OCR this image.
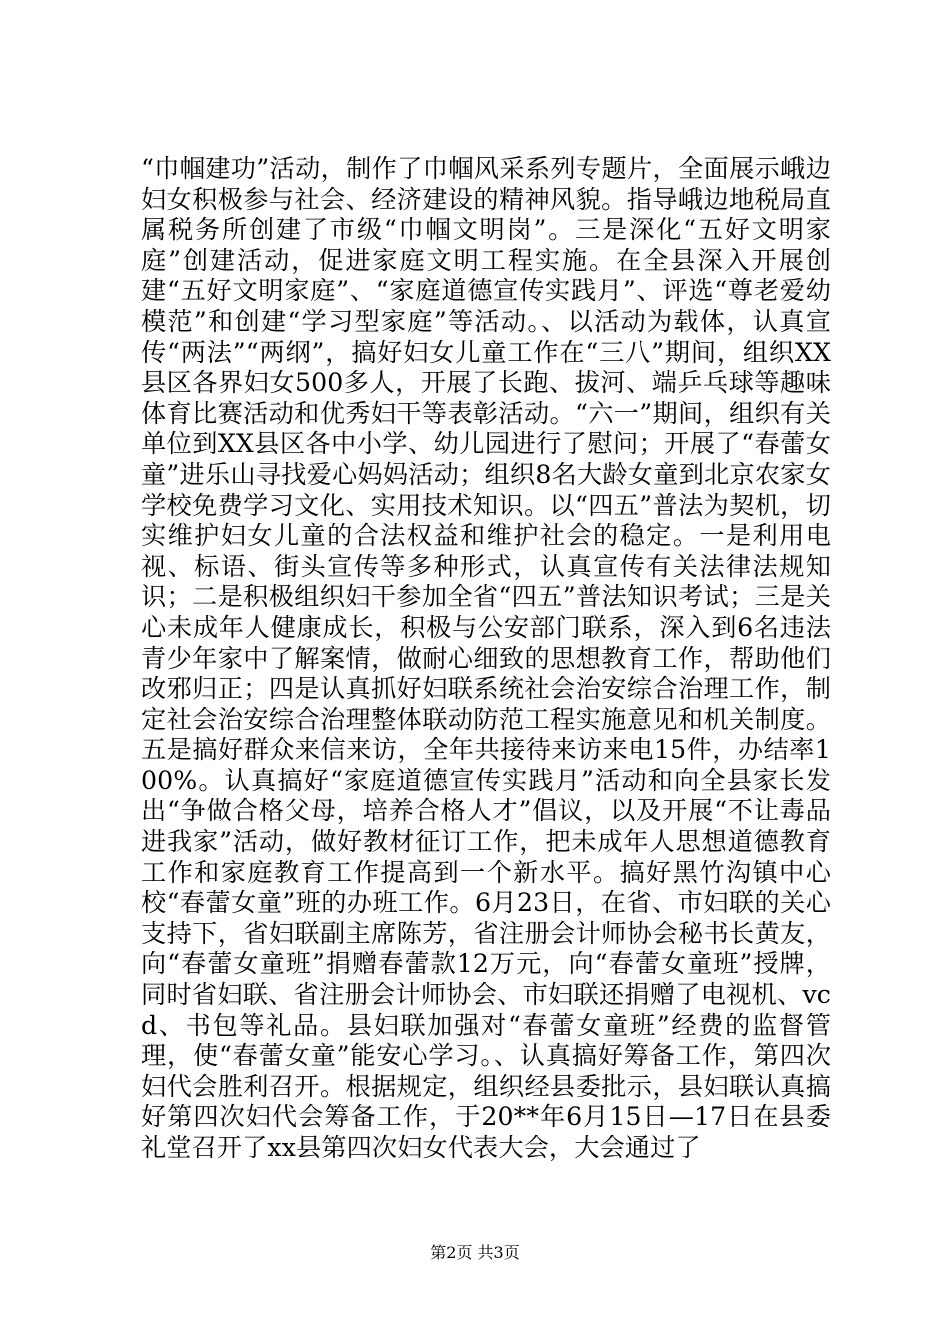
“巾帼建功”活动，制作了巾帼风采系列专题片，全面展示峨边妇女积极参与社会、经济建设的精神风貌。指导峨边地税局直属税务所创建了市级“巾帼文明岗”。三是深化“五好文明家庭”创建活动，促进家庭文明工程实施。在全县深入开展创建“五好文明家庭”、“家庭道德宣传实践月”、评选“尊老爱幼模范”和创建“学习型家庭”等活动。、以活动为载体，认真宣传“两法”“两纲”，搞好妇女儿童工作在“三八”期间，组织XX县区各界妇女500多人，开展了长跑、拔河、端乒乓球等趣味体育比赛活动和优秀妇干等表彰活动。“六一”期间，组织有关单位到XX县区各中小学、幼儿园进行了慰问；开展了“春蕾女童”进乐山寻找爱心妈妈活动；组织8名大龄女童到北京农家女学校免费学习文化、实用技术知识。以“四五”普法为契机，切实维护妇女儿童的合法权益和维护社会的稳定。一是利用电视、标语、街头宣传等多种形式，认真宣传有关法律法规知识；二是积极组织妇干参加全省“四五”普法知识考试；三是关心未成年人健康成长，积极与公安部门联系，深入到6名违法青少年家中了解案情，做耐心细致的思想教育工作，帮助他们改邪归正；四是认真抓好妇联系统社会治安综合治理工作，制定社会治安综合治理整体联动防范工程实施意见和机关制度。五是搞好群众来信来访，全年共接待来访来电15件，办结率100%。认真搞好“家庭道德宣传实践月”活动和向全县家长发出“争做合格父母，培养合格人才”倡议，以及开展“不让毒品进我家”活动，做好教材征订工作，把未成年人思想道德教育工作和家庭教育工作提高到一个新水平。搞好黑竹沟镇中心校“春蕾女童”班的办班工作。6月23日，在省、市妇联的关心支持下，省妇联副主席陈芳，省注册会计师协会秘书长黄友，向“春蕾女童班”捐赠春蕾款12万元，向“春蕾女童班”授牌，同时省妇联、省注册会计师协会、市妇联还捐赠了电视机、vcd、书包等礼品。县妇联加强对“春蕾女童班”经费的监督管理，使“春蕾女童”能安心学习。、认真搞好筹备工作，第四次妇代会胜利召开。根据规定，组织经县委批示，县妇联认真搞好第四次妇代会筹备工作，于20**年6月15日—17日在县委礼堂召开了xx县第四次妇女代表大会，大会通过了

第2页 共3页
